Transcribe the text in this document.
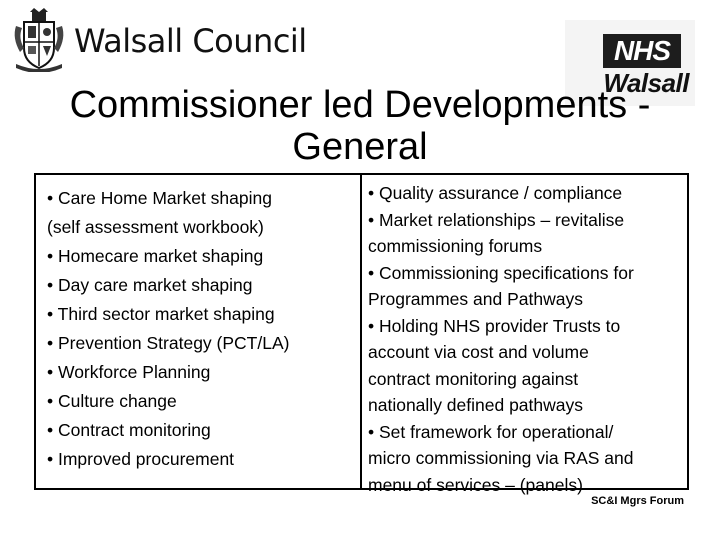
Walsall Council	NHS
Walsall
Commissioner led Developments - General
• Care Home Market shaping
(self assessment workbook)
• Homecare market shaping
• Day care market shaping
• Third sector market shaping
• Prevention Strategy (PCT/LA)
• Workforce Planning
• Culture change
• Contract monitoring
• Improved procurement
• Quality assurance / compliance
• Market relationships – revitalise
commissioning forums
• Commissioning specifications for
Programmes and Pathways
• Holding NHS provider Trusts to
account via cost and volume
contract monitoring against
nationally defined pathways
• Set framework for operational/
micro commissioning via RAS and
menu of services – (panels)
SC&I Mgrs Forum
